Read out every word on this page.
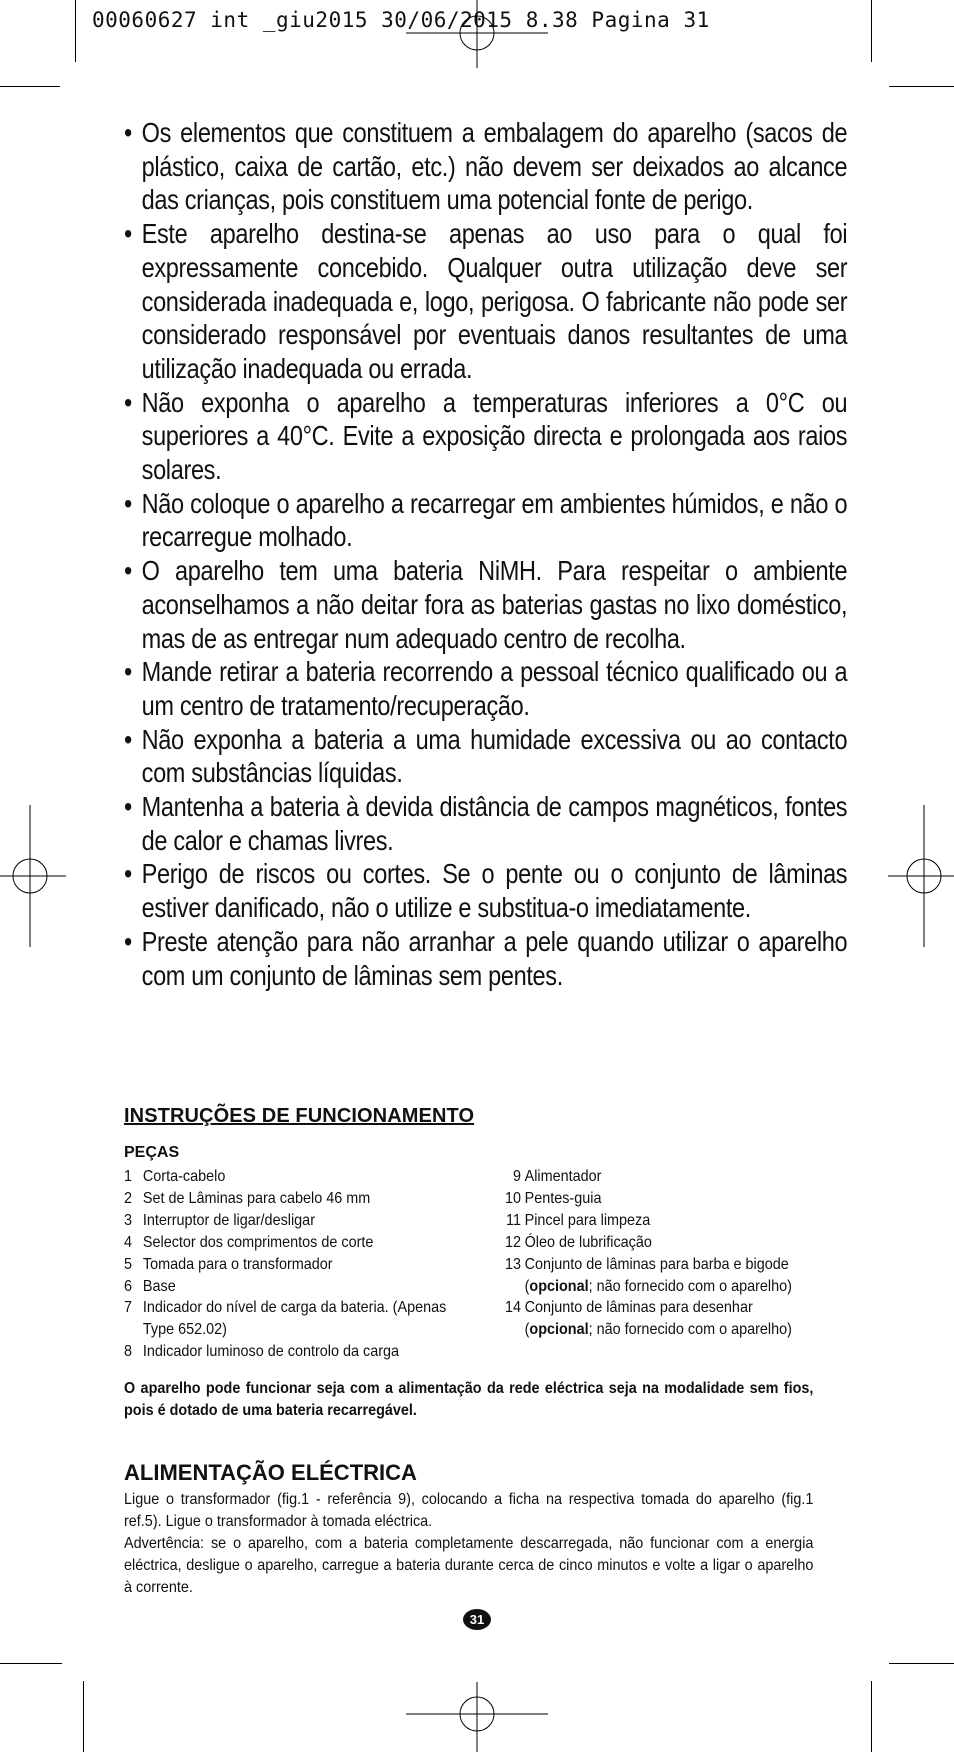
00060627 int _giu2015 30/06/2015 8.38 Pagina 31
• Os elementos que constituem a embalagem do aparelho (sacos de plástico, caixa de cartão, etc.) não devem ser deixados ao alcance das crianças, pois constituem uma potencial fonte de perigo.
• Este aparelho destina-se apenas ao uso para o qual foi expressamente concebido. Qualquer outra utilização deve ser considerada inadequada e, logo, perigosa. O fabricante não pode ser considerado responsável por eventuais danos resultantes de uma utilização inadequada ou errada.
• Não exponha o aparelho a temperaturas inferiores a 0°C ou superiores a 40°C. Evite a exposição directa e prolongada aos raios solares.
• Não coloque o aparelho a recarregar em ambientes húmidos, e não o recarregue molhado.
• O aparelho tem uma bateria NiMH. Para respeitar o ambiente aconselhamos a não deitar fora as baterias gastas no lixo doméstico, mas de as entregar num adequado centro de recolha.
• Mande retirar a bateria recorrendo a pessoal técnico qualificado ou a um centro de tratamento/recuperação.
• Não exponha a bateria a uma humidade excessiva ou ao contacto com substâncias líquidas.
• Mantenha a bateria à devida distância de campos magnéticos, fontes de calor e chamas livres.
• Perigo de riscos ou cortes. Se o pente ou o conjunto de lâminas estiver danificado, não o utilize e substitua-o imediatamente.
• Preste atenção para não arranhar a pele quando utilizar o aparelho com um conjunto de lâminas sem pentes.
INSTRUÇÕES DE FUNCIONAMENTO
PEÇAS
1 Corta-cabelo
2 Set de Lâminas para cabelo 46 mm
3 Interruptor de ligar/desligar
4 Selector dos comprimentos de corte
5 Tomada para o transformador
6 Base
7 Indicador do nível de carga da bateria. (Apenas
Type 652.02)
8 Indicador luminoso de controlo da carga
9 Alimentador
10 Pentes-guia
11 Pincel para limpeza
12 Óleo de lubrificação
13 Conjunto de lâminas para barba e bigode
(opcional; não fornecido com o aparelho)
14 Conjunto de lâminas para desenhar
(opcional; não fornecido com o aparelho)

O aparelho pode funcionar seja com a alimentação da rede eléctrica seja na modalidade sem fios, pois é dotado de uma bateria recarregável.

ALIMENTAÇÃO ELÉCTRICA

Ligue o transformador (fig.1 - referência 9), colocando a ficha na respectiva tomada do aparelho (fig.1 ref.5). Ligue o transformador à tomada eléctrica.

Advertência: se o aparelho, com a bateria completamente descarregada, não funcionar com a energia eléctrica, desligue o aparelho, carregue a bateria durante cerca de cinco minutos e volte a ligar o aparelho à corrente.

31
